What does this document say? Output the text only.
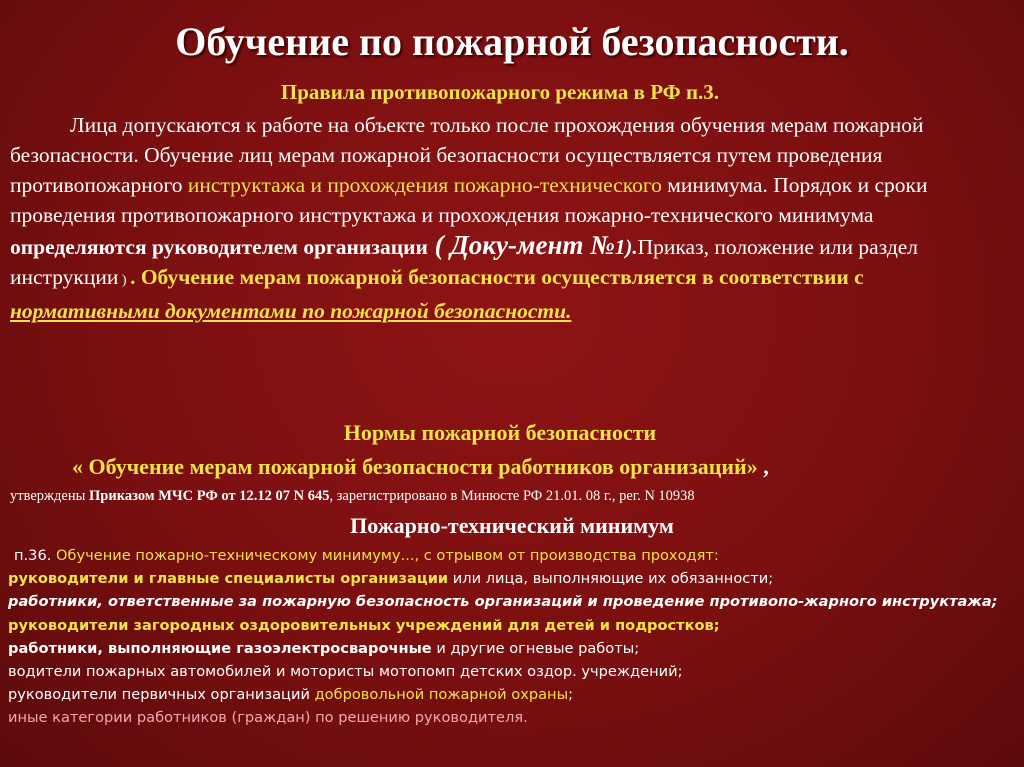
Обучение по пожарной безопасности.
Правила противопожарного режима в РФ п.3.
Лица допускаются к работе на объекте только после прохождения обучения мерам пожарной безопасности. Обучение лиц мерам пожарной безопасности осуществляется путем проведения противопожарного инструктажа и прохождения пожарно-технического минимума. Порядок и сроки проведения противопожарного инструктажа и прохождения пожарно-технического минимума определяются руководителем организации ( Доку-мент №1).Приказ, положение или раздел инструкции ) . Обучение мерам пожарной безопасности осуществляется в соответствии с нормативными документами по пожарной безопасности.
Нормы пожарной безопасности
« Обучение мерам пожарной безопасности работников организаций» ,
утверждены Приказом МЧС РФ от 12.12 07 N 645, зарегистрировано в Минюсте РФ 21.01. 08 г., рег. N 10938
Пожарно-технический минимум
п.36. Обучение пожарно-техническому минимуму..., с отрывом от производства проходят:
руководители и главные специалисты организации или лица, выполняющие их обязанности;
работники, ответственные за пожарную безопасность организаций и проведение противопо-жарного инструктажа;
руководители загородных оздоровительных учреждений для детей и подростков;
работники, выполняющие газоэлектросварочные и другие огневые работы;
водители пожарных автомобилей и мотористы мотопомп детских оздор. учреждений;
руководители первичных организаций добровольной пожарной охраны;
иные категории работников (граждан) по решению руководителя.
